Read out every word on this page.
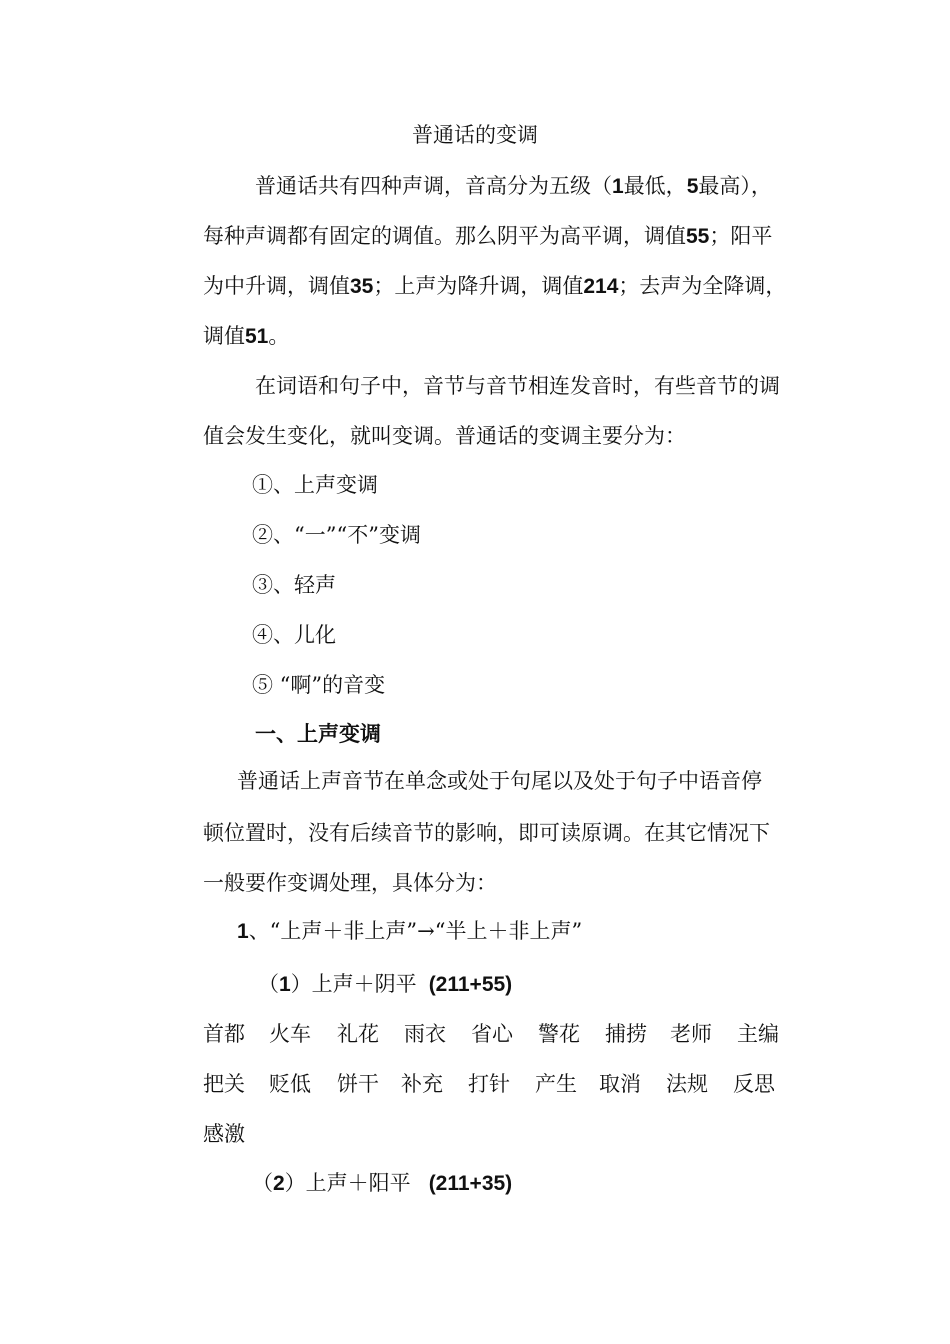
普通话的变调
普通话共有四种声调，音高分为五级（1最低，5最高），
每种声调都有固定的调值。那么阴平为高平调，调值55；阳平
为中升调，调值35；上声为降升调，调值214；去声为全降调，
调值51。
在词语和句子中，音节与音节相连发音时，有些音节的调
值会发生变化，就叫变调。普通话的变调主要分为：
①、上声变调
②、“一”“不”变调
③、轻声
④、儿化
⑤ “啊”的音变
一、上声变调
普通话上声音节在单念或处于句尾以及处于句子中语音停
顿位置时，没有后续音节的影响，即可读原调。在其它情况下
一般要作变调处理，具体分为：
1、“上声＋非上声”→“半上＋非上声”
（1）上声＋阴平 (211+55)
首都 火车 礼花 雨衣 省心 警花 捕捞 老师 主编
把关 贬低 饼干 补充 打针 产生 取消 法规 反思
感激
（2）上声＋阳平 (211+35)
